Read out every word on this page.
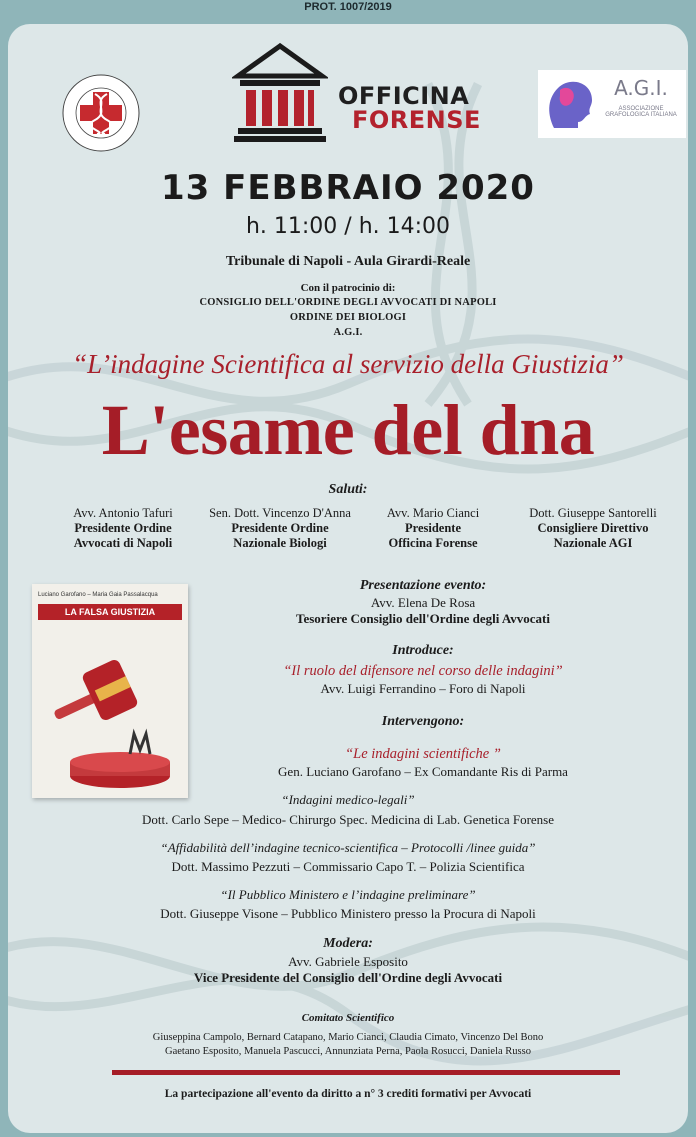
PROT. 1007/2019
OFFICINA
FORENSE
A.G.I.
ASSOCIAZIONE GRAFOLOGICA ITALIANA
13 FEBBRAIO 2020
h. 11:00 / h. 14:00
Tribunale di Napoli - Aula Girardi-Reale
Con il patrocinio di:
CONSIGLIO DELL'ORDINE DEGLI AVVOCATI DI NAPOLI
ORDINE DEI BIOLOGI
A.G.I.
“L’indagine Scientifica al servizio della Giustizia”
L'esame del dna
Saluti:
Avv. Antonio Tafuri
Presidente Ordine
Avvocati di Napoli
Sen. Dott. Vincenzo D'Anna
Presidente Ordine
Nazionale Biologi
Avv. Mario Cianci
Presidente
Officina Forense
Dott. Giuseppe Santorelli
Consigliere Direttivo
Nazionale AGI
Luciano Garofano – Maria Gaia Passalacqua
LA FALSA GIUSTIZIA
Presentazione evento:
Avv. Elena De Rosa
Tesoriere Consiglio dell'Ordine degli Avvocati
Introduce:
“Il ruolo del difensore nel corso delle indagini”
Avv. Luigi Ferrandino – Foro di Napoli
Intervengono:
“Le indagini scientifiche ”
Gen. Luciano Garofano – Ex Comandante Ris di Parma
“Indagini medico-legali”
Dott. Carlo Sepe – Medico- Chirurgo Spec. Medicina di Lab. Genetica Forense
“Affidabilità dell’indagine tecnico-scientifica – Protocolli /linee guida”
Dott. Massimo Pezzuti – Commissario Capo T. – Polizia Scientifica
“Il Pubblico Ministero e l’indagine preliminare”
Dott. Giuseppe Visone – Pubblico Ministero presso la Procura di Napoli
Modera:
Avv. Gabriele Esposito
Vice Presidente del Consiglio dell'Ordine degli Avvocati
Comitato Scientifico
Giuseppina Campolo, Bernard Catapano, Mario Cianci, Claudia Cimato, Vincenzo Del Bono
Gaetano Esposito, Manuela Pascucci, Annunziata Perna, Paola Rosucci, Daniela Russo
La partecipazione all'evento da diritto a n° 3 crediti formativi per Avvocati
